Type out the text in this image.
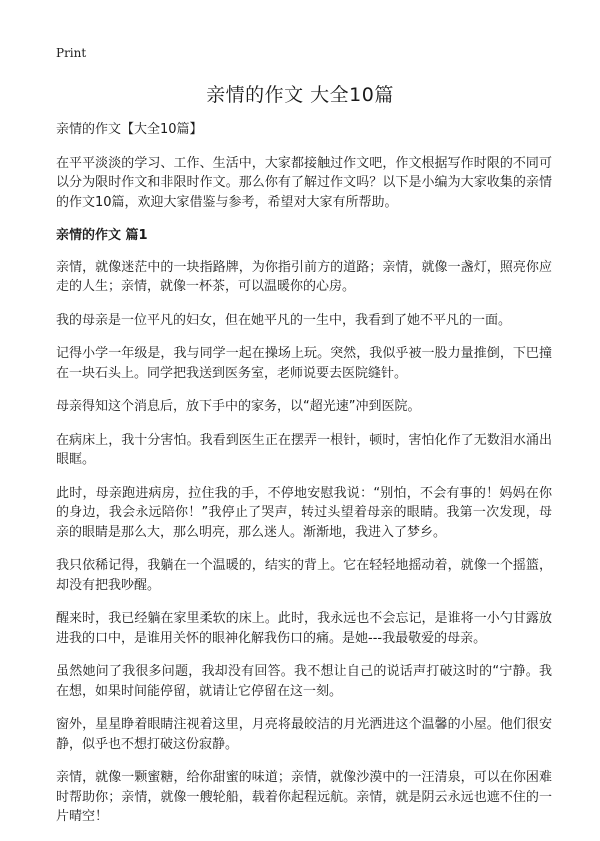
Print
亲情的作文 大全10篇

亲情的作文【大全10篇】

在平平淡淡的学习、工作、生活中，大家都接触过作文吧，作文根据写作时限的不同可以分为限时作文和非限时作文。那么你有了解过作文吗？以下是小编为大家收集的亲情的作文10篇，欢迎大家借鉴与参考，希望对大家有所帮助。

亲情的作文 篇1

亲情，就像迷茫中的一块指路牌，为你指引前方的道路；亲情，就像一盏灯，照亮你应走的人生；亲情，就像一杯茶，可以温暖你的心房。

我的母亲是一位平凡的妇女，但在她平凡的一生中，我看到了她不平凡的一面。

记得小学一年级是，我与同学一起在操场上玩。突然，我似乎被一股力量推倒，下巴撞在一块石头上。同学把我送到医务室，老师说要去医院缝针。

母亲得知这个消息后，放下手中的家务，以“超光速”冲到医院。

在病床上，我十分害怕。我看到医生正在摆弄一根针，顿时，害怕化作了无数泪水涌出眼眶。

此时，母亲跑进病房，拉住我的手，不停地安慰我说：“别怕，不会有事的！妈妈在你的身边，我会永远陪你！”我停止了哭声，转过头望着母亲的眼睛。我第一次发现，母亲的眼睛是那么大，那么明亮，那么迷人。渐渐地，我进入了梦乡。

我只依稀记得，我躺在一个温暖的，结实的背上。它在轻轻地摇动着，就像一个摇篮，却没有把我吵醒。

醒来时，我已经躺在家里柔软的床上。此时，我永远也不会忘记，是谁将一小勺甘露放进我的口中，是谁用关怀的眼神化解我伤口的痛。是她---我最敬爱的母亲。

虽然她问了我很多问题，我却没有回答。我不想让自己的说话声打破这时的“宁静。我在想，如果时间能停留，就请让它停留在这一刻。

窗外，星星睁着眼睛注视着这里，月亮将最皎洁的月光洒进这个温馨的小屋。他们很安静，似乎也不想打破这份寂静。

亲情，就像一颗蜜糖，给你甜蜜的味道；亲情，就像沙漠中的一汪清泉，可以在你困难时帮助你；亲情，就像一艘轮船，载着你起程远航。亲情，就是阴云永远也遮不住的一片晴空！
